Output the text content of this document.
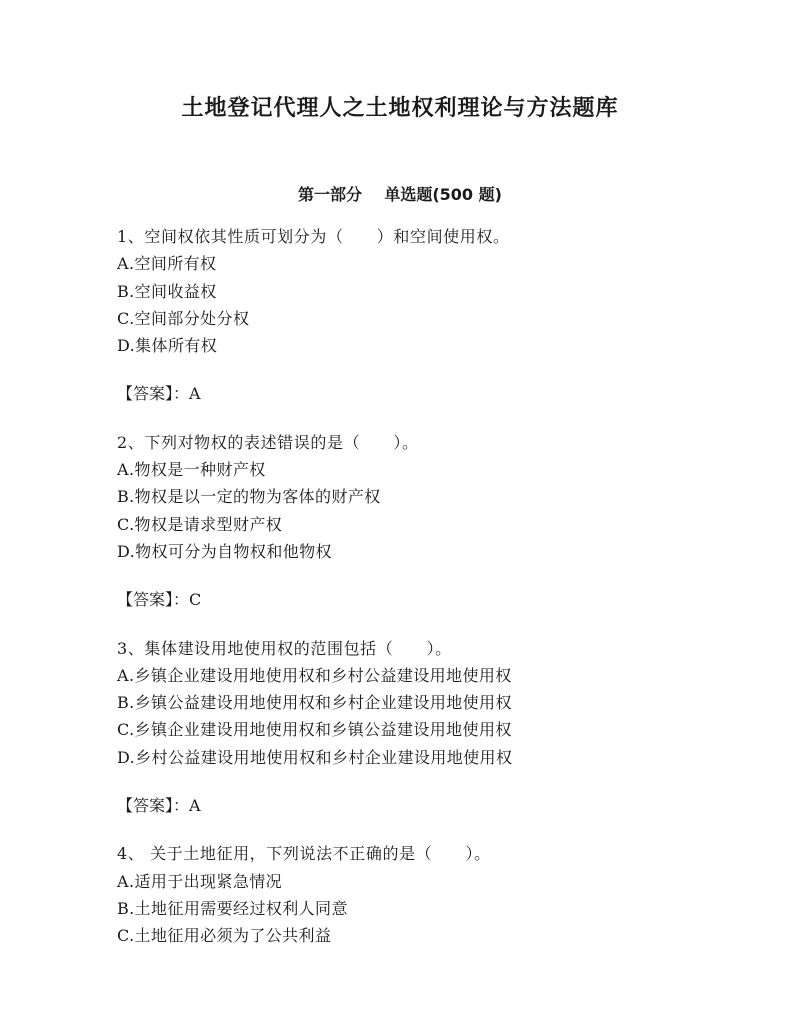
土地登记代理人之土地权利理论与方法题库
第一部分    单选题(500 题)

1、空间权依其性质可划分为（　　）和空间使用权。

A.空间所有权

B.空间收益权

C.空间部分处分权

D.集体所有权

【答案】：A

2、下列对物权的表述错误的是（　　）。

A.物权是一种财产权

B.物权是以一定的物为客体的财产权

C.物权是请求型财产权

D.物权可分为自物权和他物权

【答案】：C

3、集体建设用地使用权的范围包括（　　）。

A.乡镇企业建设用地使用权和乡村公益建设用地使用权

B.乡镇公益建设用地使用权和乡村企业建设用地使用权

C.乡镇企业建设用地使用权和乡镇公益建设用地使用权

D.乡村公益建设用地使用权和乡村企业建设用地使用权

【答案】：A

4、 关于土地征用，下列说法不正确的是（　　）。

A.适用于出现紧急情况

B.土地征用需要经过权利人同意

C.土地征用必须为了公共利益
